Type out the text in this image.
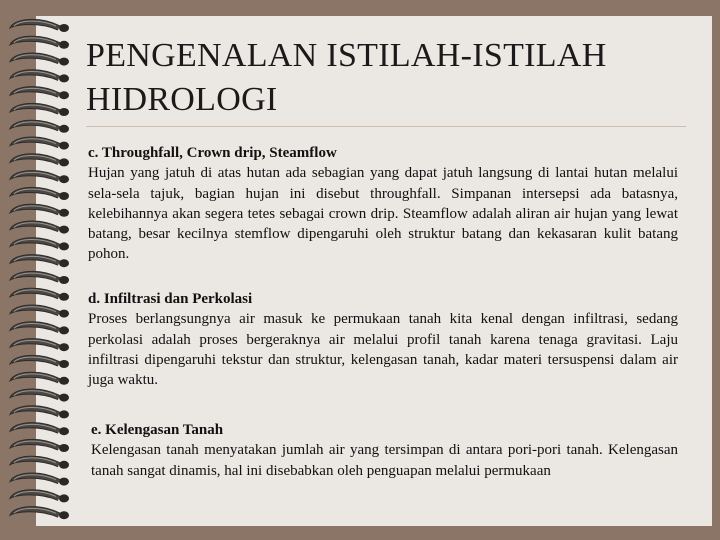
PENGENALAN ISTILAH-ISTILAH
HIDROLOGI
c. Throughfall, Crown drip, Steamflow
Hujan yang jatuh di atas hutan ada sebagian yang dapat jatuh langsung di lantai hutan melalui sela-sela tajuk, bagian hujan ini disebut throughfall. Simpanan intersepsi ada batasnya, kelebihannya akan segera tetes sebagai crown drip. Steamflow adalah aliran air hujan yang lewat batang, besar kecilnya stemflow dipengaruhi oleh struktur batang dan kekasaran kulit batang pohon.
d. Infiltrasi dan Perkolasi
Proses berlangsungnya air masuk ke permukaan tanah kita kenal dengan infiltrasi, sedang perkolasi adalah proses bergeraknya air melalui profil tanah karena tenaga gravitasi. Laju infiltrasi dipengaruhi tekstur dan struktur, kelengasan tanah, kadar materi tersuspensi dalam air juga waktu.
e. Kelengasan Tanah
Kelengasan tanah menyatakan jumlah air yang tersimpan di antara pori-pori tanah. Kelengasan tanah sangat dinamis, hal ini disebabkan oleh penguapan melalui permukaan
